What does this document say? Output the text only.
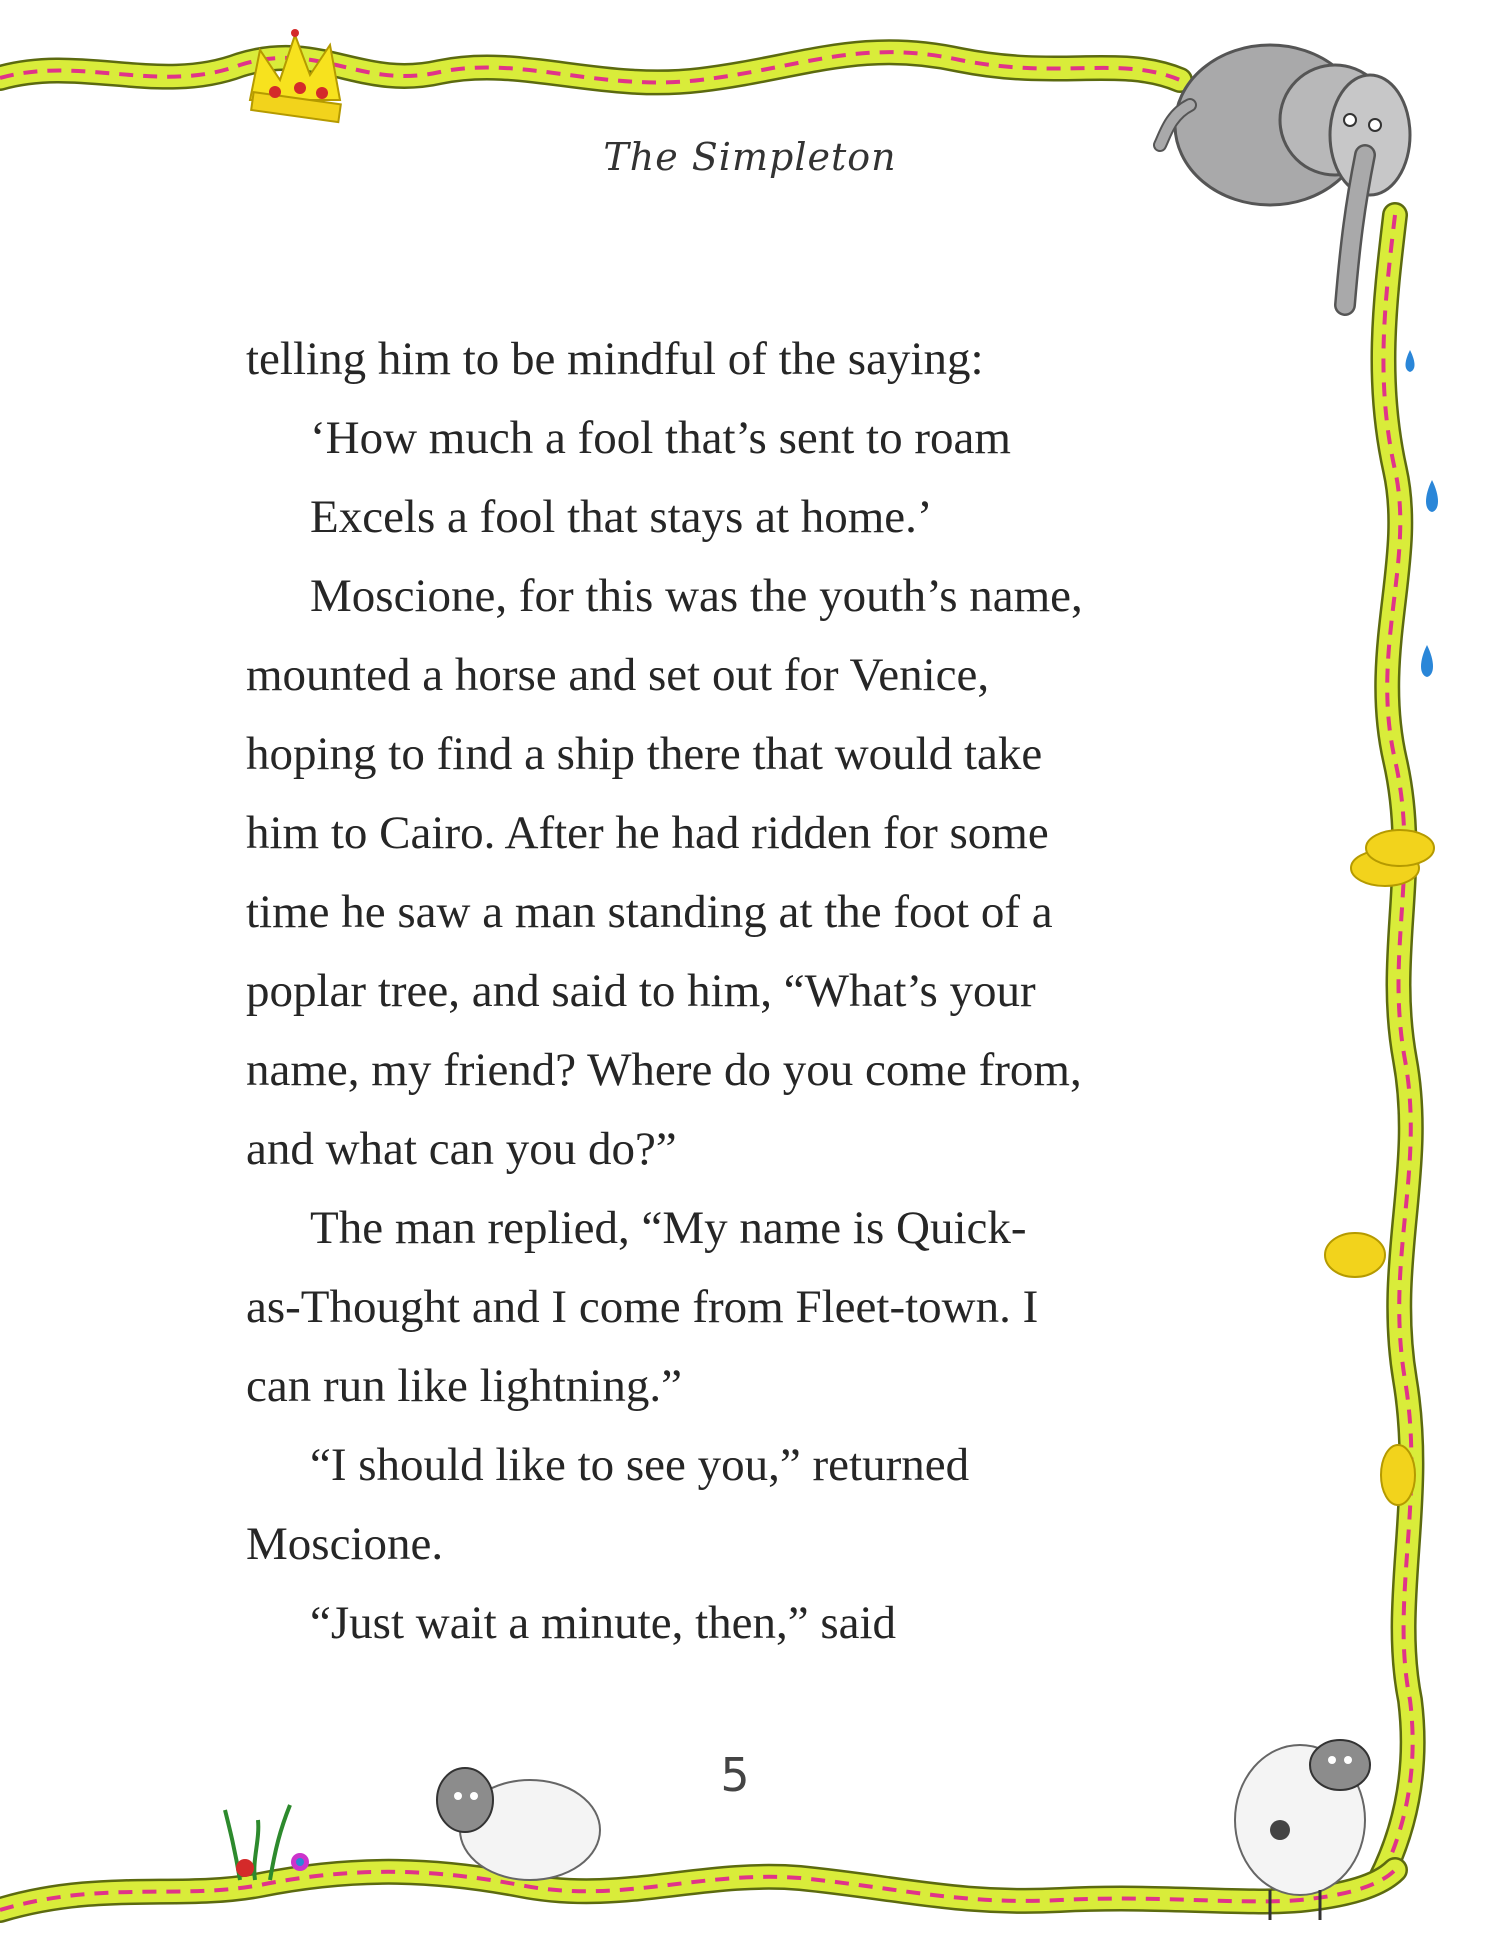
The Simpleton

telling him to be mindful of the saying:

‘How much a fool that’s sent to roam

Excels a fool that stays at home.’

Moscione, for this was the youth’s name,

mounted a horse and set out for Venice,

hoping to find a ship there that would take

him to Cairo. After he had ridden for some

time he saw a man standing at the foot of a

poplar tree, and said to him, “What’s your

name, my friend? Where do you come from,

and what can you do?”

The man replied, “My name is Quick-

as-Thought and I come from Fleet-town. I

can run like lightning.”

“I should like to see you,” returned

Moscione.

“Just wait a minute, then,” said

5
